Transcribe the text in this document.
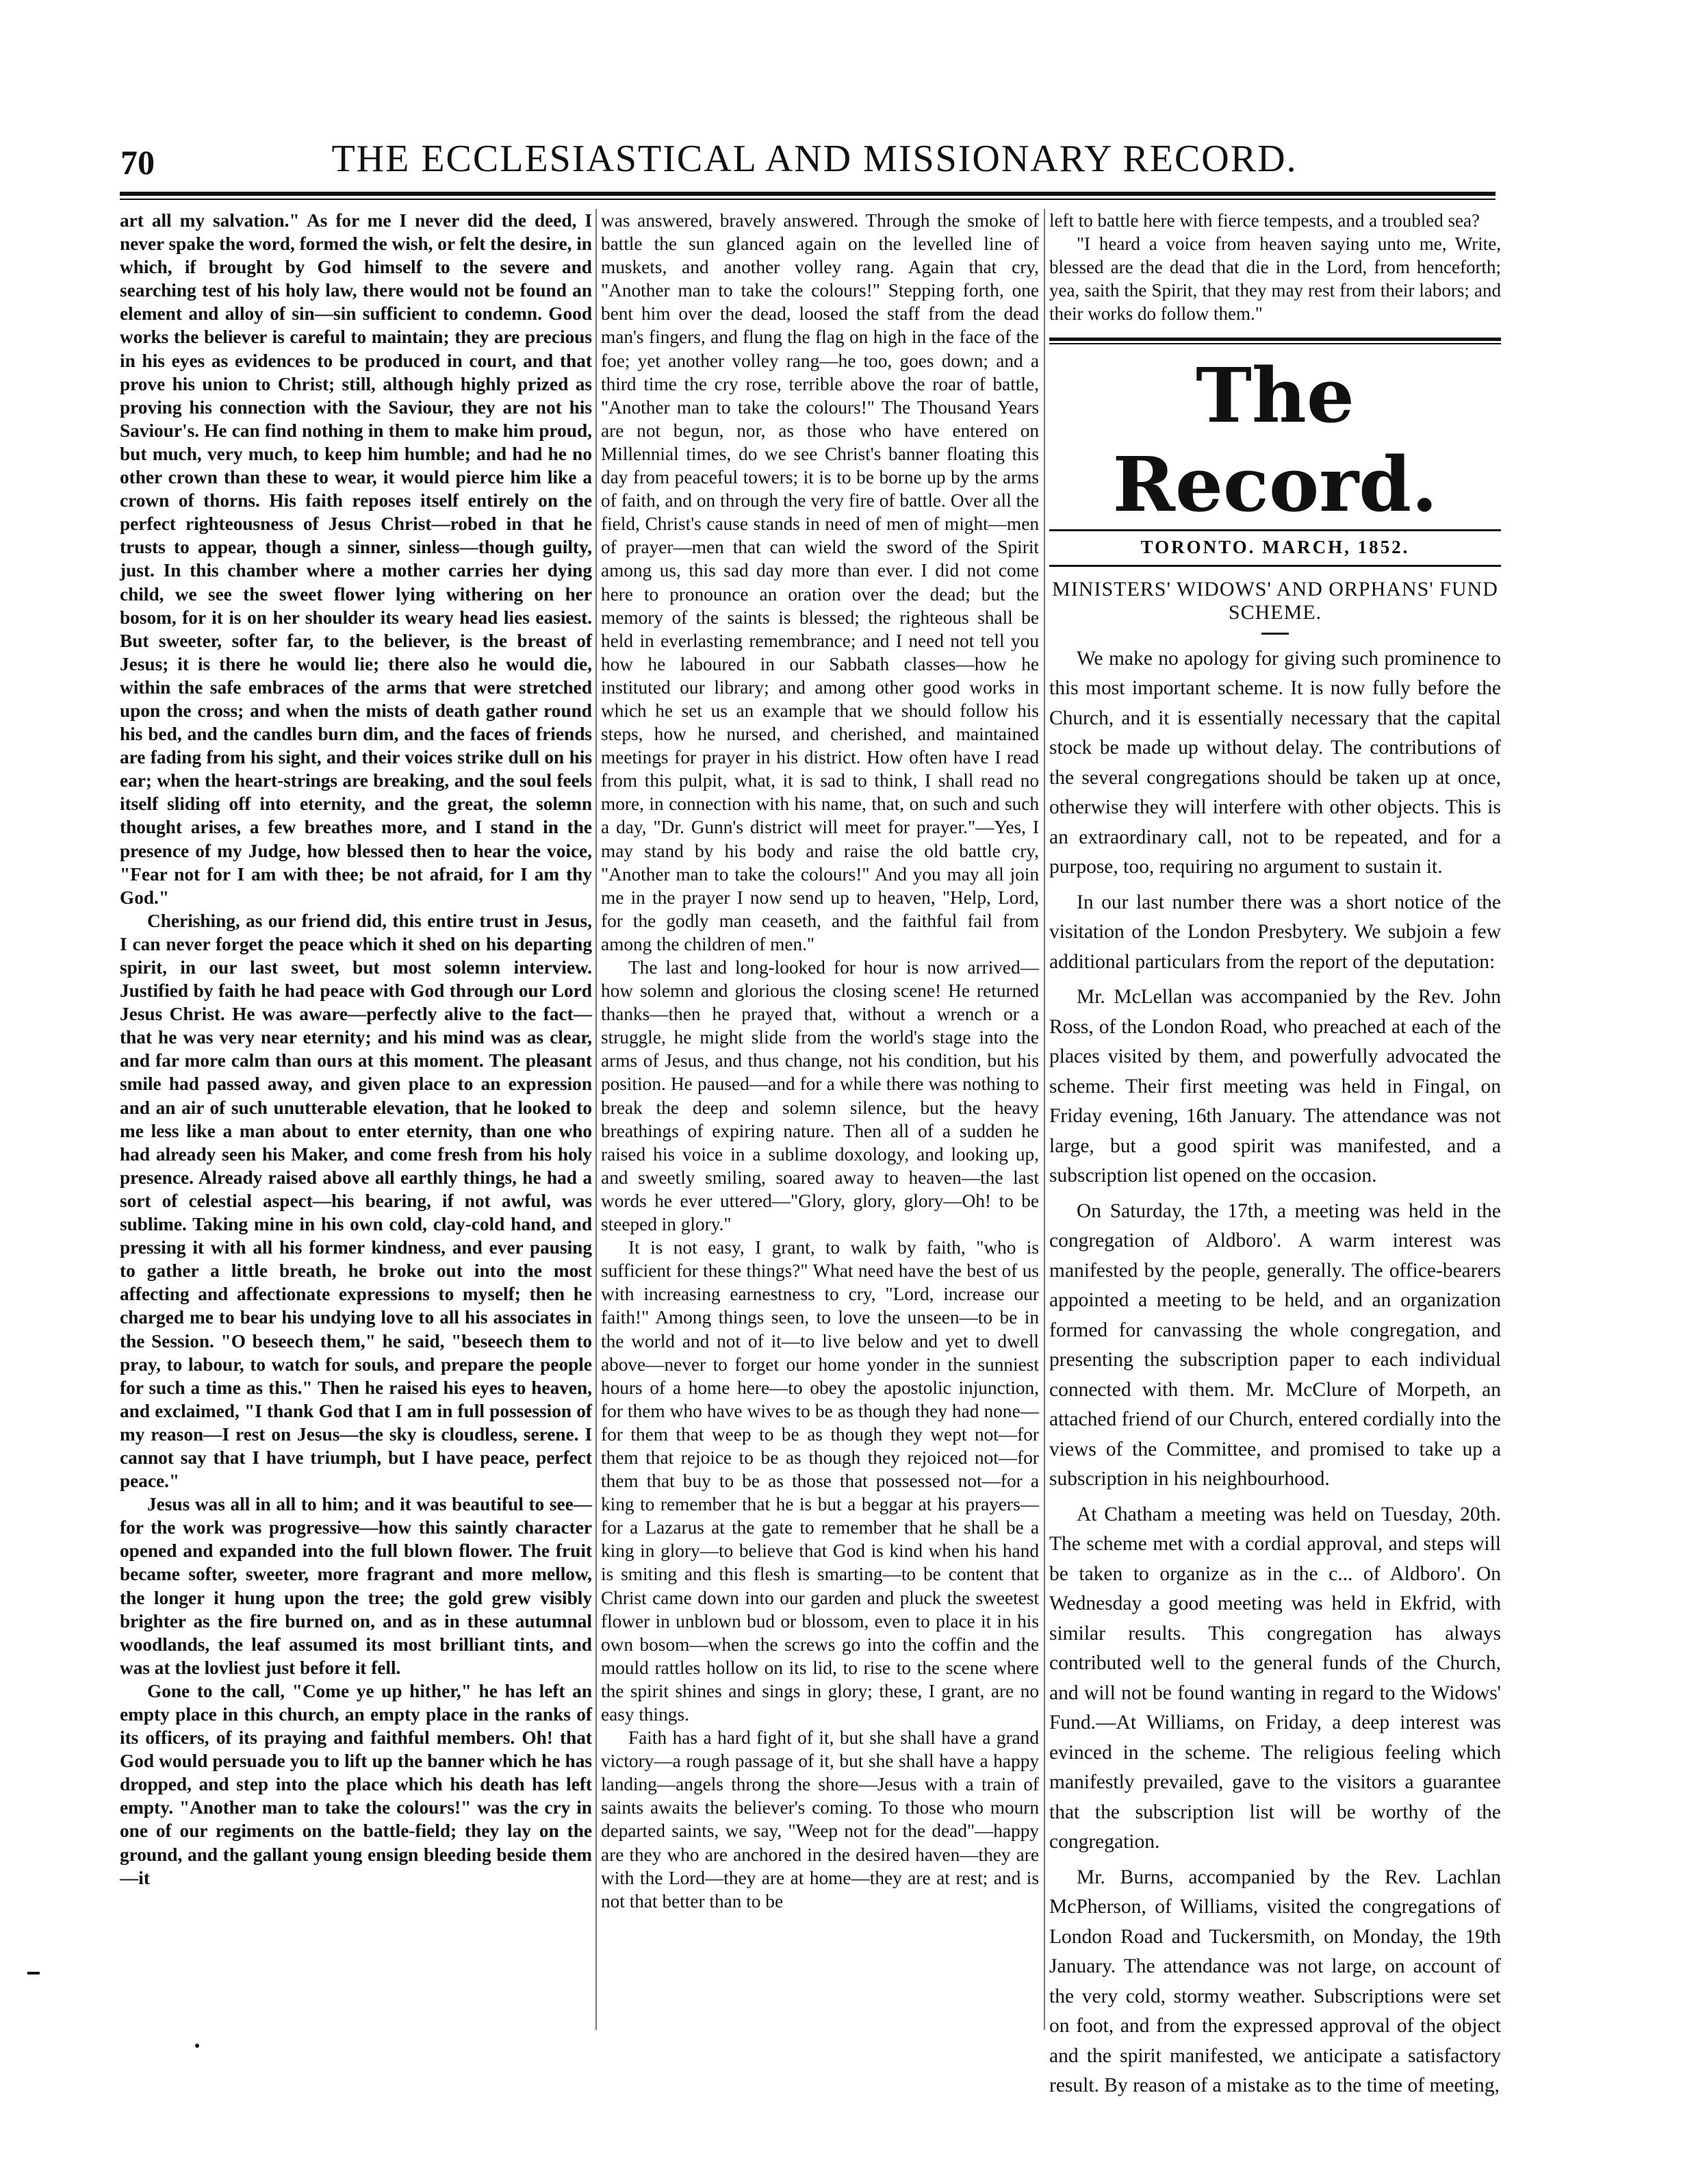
70	THE ECCLESIASTICAL AND MISSIONARY RECORD.

art all my salvation." As for me I never did the deed, I never spake the word, formed the wish, or felt the desire, in which, if brought by God himself to the severe and searching test of his holy law, there would not be found an element and alloy of sin—sin sufficient to condemn. Good works the believer is careful to maintain; they are precious in his eyes as evidences to be produced in court, and that prove his union to Christ; still, although highly prized as proving his connection with the Saviour, they are not his Saviour's. He can find nothing in them to make him proud, but much, very much, to keep him humble; and had he no other crown than these to wear, it would pierce him like a crown of thorns. His faith reposes itself entirely on the perfect righteousness of Jesus Christ—robed in that he trusts to appear, though a sinner, sinless—though guilty, just. In this chamber where a mother carries her dying child, we see the sweet flower lying withering on her bosom, for it is on her shoulder its weary head lies easiest. But sweeter, softer far, to the believer, is the breast of Jesus; it is there he would lie; there also he would die, within the safe embraces of the arms that were stretched upon the cross; and when the mists of death gather round his bed, and the candles burn dim, and the faces of friends are fading from his sight, and their voices strike dull on his ear; when the heart-strings are breaking, and the soul feels itself sliding off into eternity, and the great, the solemn thought arises, a few breathes more, and I stand in the presence of my Judge, how blessed then to hear the voice, "Fear not for I am with thee; be not afraid, for I am thy God."

Cherishing, as our friend did, this entire trust in Jesus, I can never forget the peace which it shed on his departing spirit, in our last sweet, but most solemn interview. Justified by faith he had peace with God through our Lord Jesus Christ. He was aware—perfectly alive to the fact—that he was very near eternity; and his mind was as clear, and far more calm than ours at this moment. The pleasant smile had passed away, and given place to an expression and an air of such unutterable elevation, that he looked to me less like a man about to enter eternity, than one who had already seen his Maker, and come fresh from his holy presence. Already raised above all earthly things, he had a sort of celestial aspect—his bearing, if not awful, was sublime. Taking mine in his own cold, clay-cold hand, and pressing it with all his former kindness, and ever pausing to gather a little breath, he broke out into the most affecting and affectionate expressions to myself; then he charged me to bear his undying love to all his associates in the Session. "O beseech them," he said, "beseech them to pray, to labour, to watch for souls, and prepare the people for such a time as this." Then he raised his eyes to heaven, and exclaimed, "I thank God that I am in full possession of my reason—I rest on Jesus—the sky is cloudless, serene. I cannot say that I have triumph, but I have peace, perfect peace."

Jesus was all in all to him; and it was beautiful to see—for the work was progressive—how this saintly character opened and expanded into the full blown flower. The fruit became softer, sweeter, more fragrant and more mellow, the longer it hung upon the tree; the gold grew visibly brighter as the fire burned on, and as in these autumnal woodlands, the leaf assumed its most brilliant tints, and was at the lovliest just before it fell.

Gone to the call, "Come ye up hither," he has left an empty place in this church, an empty place in the ranks of its officers, of its praying and faithful members. Oh! that God would persuade you to lift up the banner which he has dropped, and step into the place which his death has left empty. "Another man to take the colours!" was the cry in one of our regiments on the battle-field; they lay on the ground, and the gallant young ensign bleeding beside them—it

was answered, bravely answered. Through the smoke of battle the sun glanced again on the levelled line of muskets, and another volley rang. Again that cry, "Another man to take the colours!" Stepping forth, one bent him over the dead, loosed the staff from the dead man's fingers, and flung the flag on high in the face of the foe; yet another volley rang—he too, goes down; and a third time the cry rose, terrible above the roar of battle, "Another man to take the colours!" The Thousand Years are not begun, nor, as those who have entered on Millennial times, do we see Christ's banner floating this day from peaceful towers; it is to be borne up by the arms of faith, and on through the very fire of battle. Over all the field, Christ's cause stands in need of men of might—men of prayer—men that can wield the sword of the Spirit among us, this sad day more than ever. I did not come here to pronounce an oration over the dead; but the memory of the saints is blessed; the righteous shall be held in everlasting remembrance; and I need not tell you how he laboured in our Sabbath classes—how he instituted our library; and among other good works in which he set us an example that we should follow his steps, how he nursed, and cherished, and maintained meetings for prayer in his district. How often have I read from this pulpit, what, it is sad to think, I shall read no more, in connection with his name, that, on such and such a day, "Dr. Gunn's district will meet for prayer."—Yes, I may stand by his body and raise the old battle cry, "Another man to take the colours!" And you may all join me in the prayer I now send up to heaven, "Help, Lord, for the godly man ceaseth, and the faithful fail from among the children of men."

The last and long-looked for hour is now arrived—how solemn and glorious the closing scene! He returned thanks—then he prayed that, without a wrench or a struggle, he might slide from the world's stage into the arms of Jesus, and thus change, not his condition, but his position. He paused—and for a while there was nothing to break the deep and solemn silence, but the heavy breathings of expiring nature. Then all of a sudden he raised his voice in a sublime doxology, and looking up, and sweetly smiling, soared away to heaven—the last words he ever uttered—"Glory, glory, glory—Oh! to be steeped in glory."

It is not easy, I grant, to walk by faith, "who is sufficient for these things?" What need have the best of us with increasing earnestness to cry, "Lord, increase our faith!" Among things seen, to love the unseen—to be in the world and not of it—to live below and yet to dwell above—never to forget our home yonder in the sunniest hours of a home here—to obey the apostolic injunction, for them who have wives to be as though they had none—for them that weep to be as though they wept not—for them that rejoice to be as though they rejoiced not—for them that buy to be as those that possessed not—for a king to remember that he is but a beggar at his prayers—for a Lazarus at the gate to remember that he shall be a king in glory—to believe that God is kind when his hand is smiting and this flesh is smarting—to be content that Christ came down into our garden and pluck the sweetest flower in unblown bud or blossom, even to place it in his own bosom—when the screws go into the coffin and the mould rattles hollow on its lid, to rise to the scene where the spirit shines and sings in glory; these, I grant, are no easy things.

Faith has a hard fight of it, but she shall have a grand victory—a rough passage of it, but she shall have a happy landing—angels throng the shore—Jesus with a train of saints awaits the believer's coming. To those who mourn departed saints, we say, "Weep not for the dead"—happy are they who are anchored in the desired haven—they are with the Lord—they are at home—they are at rest; and is not that better than to be

left to battle here with fierce tempests, and a troubled sea?

"I heard a voice from heaven saying unto me, Write, blessed are the dead that die in the Lord, from henceforth; yea, saith the Spirit, that they may rest from their labors; and their works do follow them."

The Record.
TORONTO. MARCH, 1852.
MINISTERS' WIDOWS' AND ORPHANS' FUND SCHEME.

We make no apology for giving such prominence to this most important scheme. It is now fully before the Church, and it is essentially necessary that the capital stock be made up without delay. The contributions of the several congregations should be taken up at once, otherwise they will interfere with other objects. This is an extraordinary call, not to be repeated, and for a purpose, too, requiring no argument to sustain it.

In our last number there was a short notice of the visitation of the London Presbytery. We subjoin a few additional particulars from the report of the deputation:

Mr. McLellan was accompanied by the Rev. John Ross, of the London Road, who preached at each of the places visited by them, and powerfully advocated the scheme. Their first meeting was held in Fingal, on Friday evening, 16th January. The attendance was not large, but a good spirit was manifested, and a subscription list opened on the occasion.

On Saturday, the 17th, a meeting was held in the congregation of Aldboro'. A warm interest was manifested by the people, generally. The office-bearers appointed a meeting to be held, and an organization formed for canvassing the whole congregation, and presenting the subscription paper to each individual connected with them. Mr. McClure of Morpeth, an attached friend of our Church, entered cordially into the views of the Committee, and promised to take up a subscription in his neighbourhood.

At Chatham a meeting was held on Tuesday, 20th. The scheme met with a cordial approval, and steps will be taken to organize as in the c... of Aldboro'. On Wednesday a good meeting was held in Ekfrid, with similar results. This congregation has always contributed well to the general funds of the Church, and will not be found wanting in regard to the Widows' Fund.—At Williams, on Friday, a deep interest was evinced in the scheme. The religious feeling which manifestly prevailed, gave to the visitors a guarantee that the subscription list will be worthy of the congregation.

Mr. Burns, accompanied by the Rev. Lachlan McPherson, of Williams, visited the congregations of London Road and Tuckersmith, on Monday, the 19th January. The attendance was not large, on account of the very cold, stormy weather. Subscriptions were set on foot, and from the expressed approval of the object and the spirit manifested, we anticipate a satisfactory result. By reason of a mistake as to the time of meeting,
